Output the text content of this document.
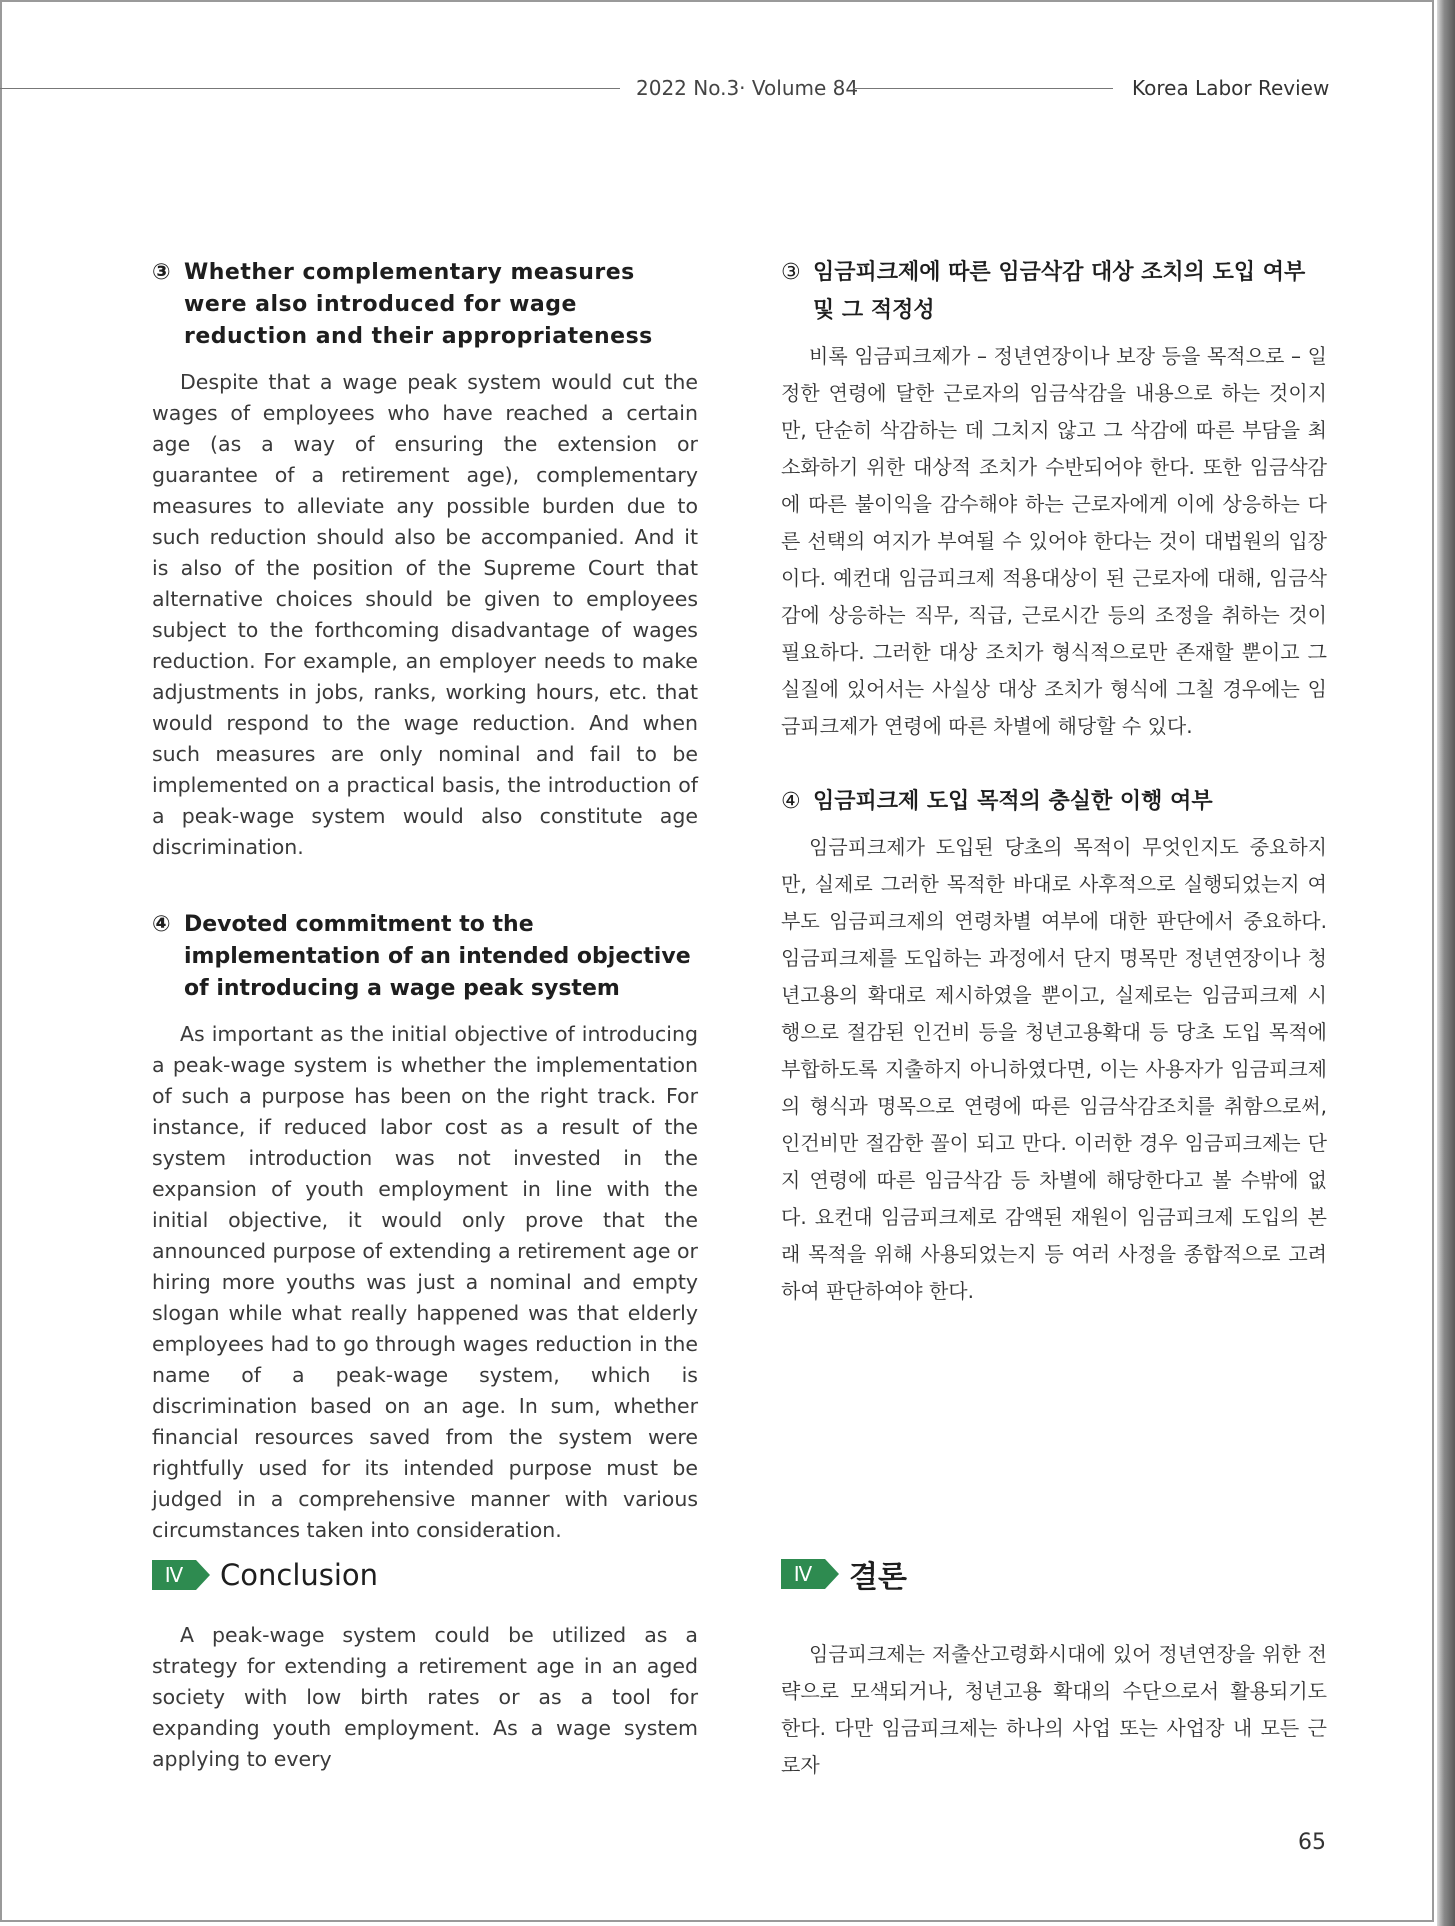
2022 No.3· Volume 84	Korea Labor Review
③ Whether complementary measures were also introduced for wage reduction and their appropriateness

Despite that a wage peak system would cut the wages of employees who have reached a certain age (as a way of ensuring the extension or guarantee of a retirement age), complementary measures to alleviate any possible burden due to such reduction should also be accompanied. And it is also of the position of the Supreme Court that alternative choices should be given to employees subject to the forthcoming disadvantage of wages reduction. For example, an employer needs to make adjustments in jobs, ranks, working hours, etc. that would respond to the wage reduction. And when such measures are only nominal and fail to be implemented on a practical basis, the introduction of a peak-wage system would also constitute age discrimination.

④ Devoted commitment to the implementation of an intended objective of introducing a wage peak system

As important as the initial objective of introducing a peak-wage system is whether the implementation of such a purpose has been on the right track. For instance, if reduced labor cost as a result of the system introduction was not invested in the expansion of youth employment in line with the initial objective, it would only prove that the announced purpose of extending a retirement age or hiring more youths was just a nominal and empty slogan while what really happened was that elderly employees had to go through wages reduction in the name of a peak-wage system, which is discrimination based on an age. In sum, whether financial resources saved from the system were rightfully used for its intended purpose must be judged in a comprehensive manner with various circumstances taken into consideration.

Ⅳ	Conclusion

A peak-wage system could be utilized as a strategy for extending a retirement age in an aged society with low birth rates or as a tool for expanding youth employment. As a wage system applying to every

③ 임금피크제에 따른 임금삭감 대상 조치의 도입 여부 및 그 적정성

비록 임금피크제가 – 정년연장이나 보장 등을 목적으로 – 일정한 연령에 달한 근로자의 임금삭감을 내용으로 하는 것이지만, 단순히 삭감하는 데 그치지 않고 그 삭감에 따른 부담을 최소화하기 위한 대상적 조치가 수반되어야 한다. 또한 임금삭감에 따른 불이익을 감수해야 하는 근로자에게 이에 상응하는 다른 선택의 여지가 부여될 수 있어야 한다는 것이 대법원의 입장이다. 예컨대 임금피크제 적용대상이 된 근로자에 대해, 임금삭감에 상응하는 직무, 직급, 근로시간 등의 조정을 취하는 것이 필요하다. 그러한 대상 조치가 형식적으로만 존재할 뿐이고 그 실질에 있어서는 사실상 대상 조치가 형식에 그칠 경우에는 임금피크제가 연령에 따른 차별에 해당할 수 있다.

④ 임금피크제 도입 목적의 충실한 이행 여부

임금피크제가 도입된 당초의 목적이 무엇인지도 중요하지만, 실제로 그러한 목적한 바대로 사후적으로 실행되었는지 여부도 임금피크제의 연령차별 여부에 대한 판단에서 중요하다. 임금피크제를 도입하는 과정에서 단지 명목만 정년연장이나 청년고용의 확대로 제시하였을 뿐이고, 실제로는 임금피크제 시행으로 절감된 인건비 등을 청년고용확대 등 당초 도입 목적에 부합하도록 지출하지 아니하였다면, 이는 사용자가 임금피크제의 형식과 명목으로 연령에 따른 임금삭감조치를 취함으로써, 인건비만 절감한 꼴이 되고 만다. 이러한 경우 임금피크제는 단지 연령에 따른 임금삭감 등 차별에 해당한다고 볼 수밖에 없다. 요컨대 임금피크제로 감액된 재원이 임금피크제 도입의 본래 목적을 위해 사용되었는지 등 여러 사정을 종합적으로 고려하여 판단하여야 한다.

Ⅳ	결론

임금피크제는 저출산고령화시대에 있어 정년연장을 위한 전략으로 모색되거나, 청년고용 확대의 수단으로서 활용되기도 한다. 다만 임금피크제는 하나의 사업 또는 사업장 내 모든 근로자

65
